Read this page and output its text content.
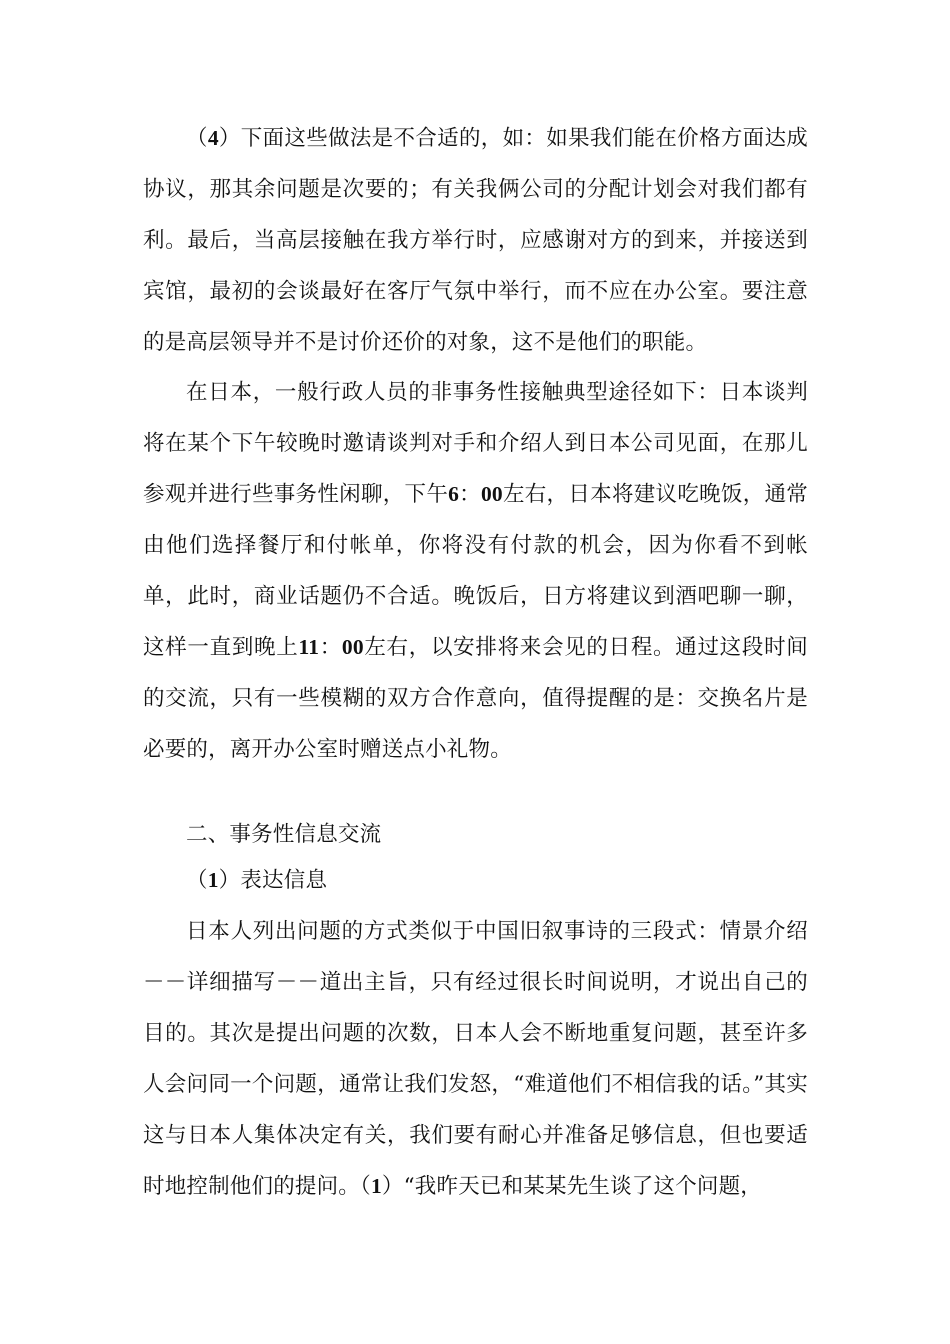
（4）下面这些做法是不合适的，如：如果我们能在价格方面达成协议，那其余问题是次要的；有关我俩公司的分配计划会对我们都有利。最后，当高层接触在我方举行时，应感谢对方的到来，并接送到宾馆，最初的会谈最好在客厅气氛中举行，而不应在办公室。要注意的是高层领导并不是讨价还价的对象，这不是他们的职能。

在日本，一般行政人员的非事务性接触典型途径如下：日本谈判将在某个下午较晚时邀请谈判对手和介绍人到日本公司见面，在那儿参观并进行些事务性闲聊，下午6：00左右，日本将建议吃晚饭，通常由他们选择餐厅和付帐单，你将没有付款的机会，因为你看不到帐单，此时，商业话题仍不合适。晚饭后，日方将建议到酒吧聊一聊，这样一直到晚上11：00左右，以安排将来会见的日程。通过这段时间的交流，只有一些模糊的双方合作意向，值得提醒的是：交换名片是必要的，离开办公室时赠送点小礼物。

二、事务性信息交流

（1）表达信息

日本人列出问题的方式类似于中国旧叙事诗的三段式：情景介绍－－详细描写－－道出主旨，只有经过很长时间说明，才说出自己的目的。其次是提出问题的次数，日本人会不断地重复问题，甚至许多人会问同一个问题，通常让我们发怒，“难道他们不相信我的话。”其实这与日本人集体决定有关，我们要有耐心并准备足够信息，但也要适时地控制他们的提问。（1）“我昨天已和某某先生谈了这个问题，
